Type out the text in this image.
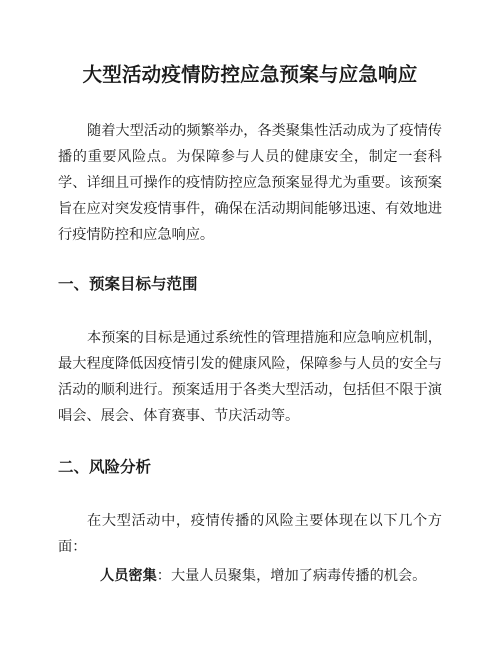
大型活动疫情防控应急预案与应急响应

随着大型活动的频繁举办，各类聚集性活动成为了疫情传播的重要风险点。为保障参与人员的健康安全，制定一套科学、详细且可操作的疫情防控应急预案显得尤为重要。该预案旨在应对突发疫情事件，确保在活动期间能够迅速、有效地进行疫情防控和应急响应。

一、预案目标与范围

本预案的目标是通过系统性的管理措施和应急响应机制，最大程度降低因疫情引发的健康风险，保障参与人员的安全与活动的顺利进行。预案适用于各类大型活动，包括但不限于演唱会、展会、体育赛事、节庆活动等。

二、风险分析

在大型活动中，疫情传播的风险主要体现在以下几个方面：

人员密集：大量人员聚集，增加了病毒传播的机会。
